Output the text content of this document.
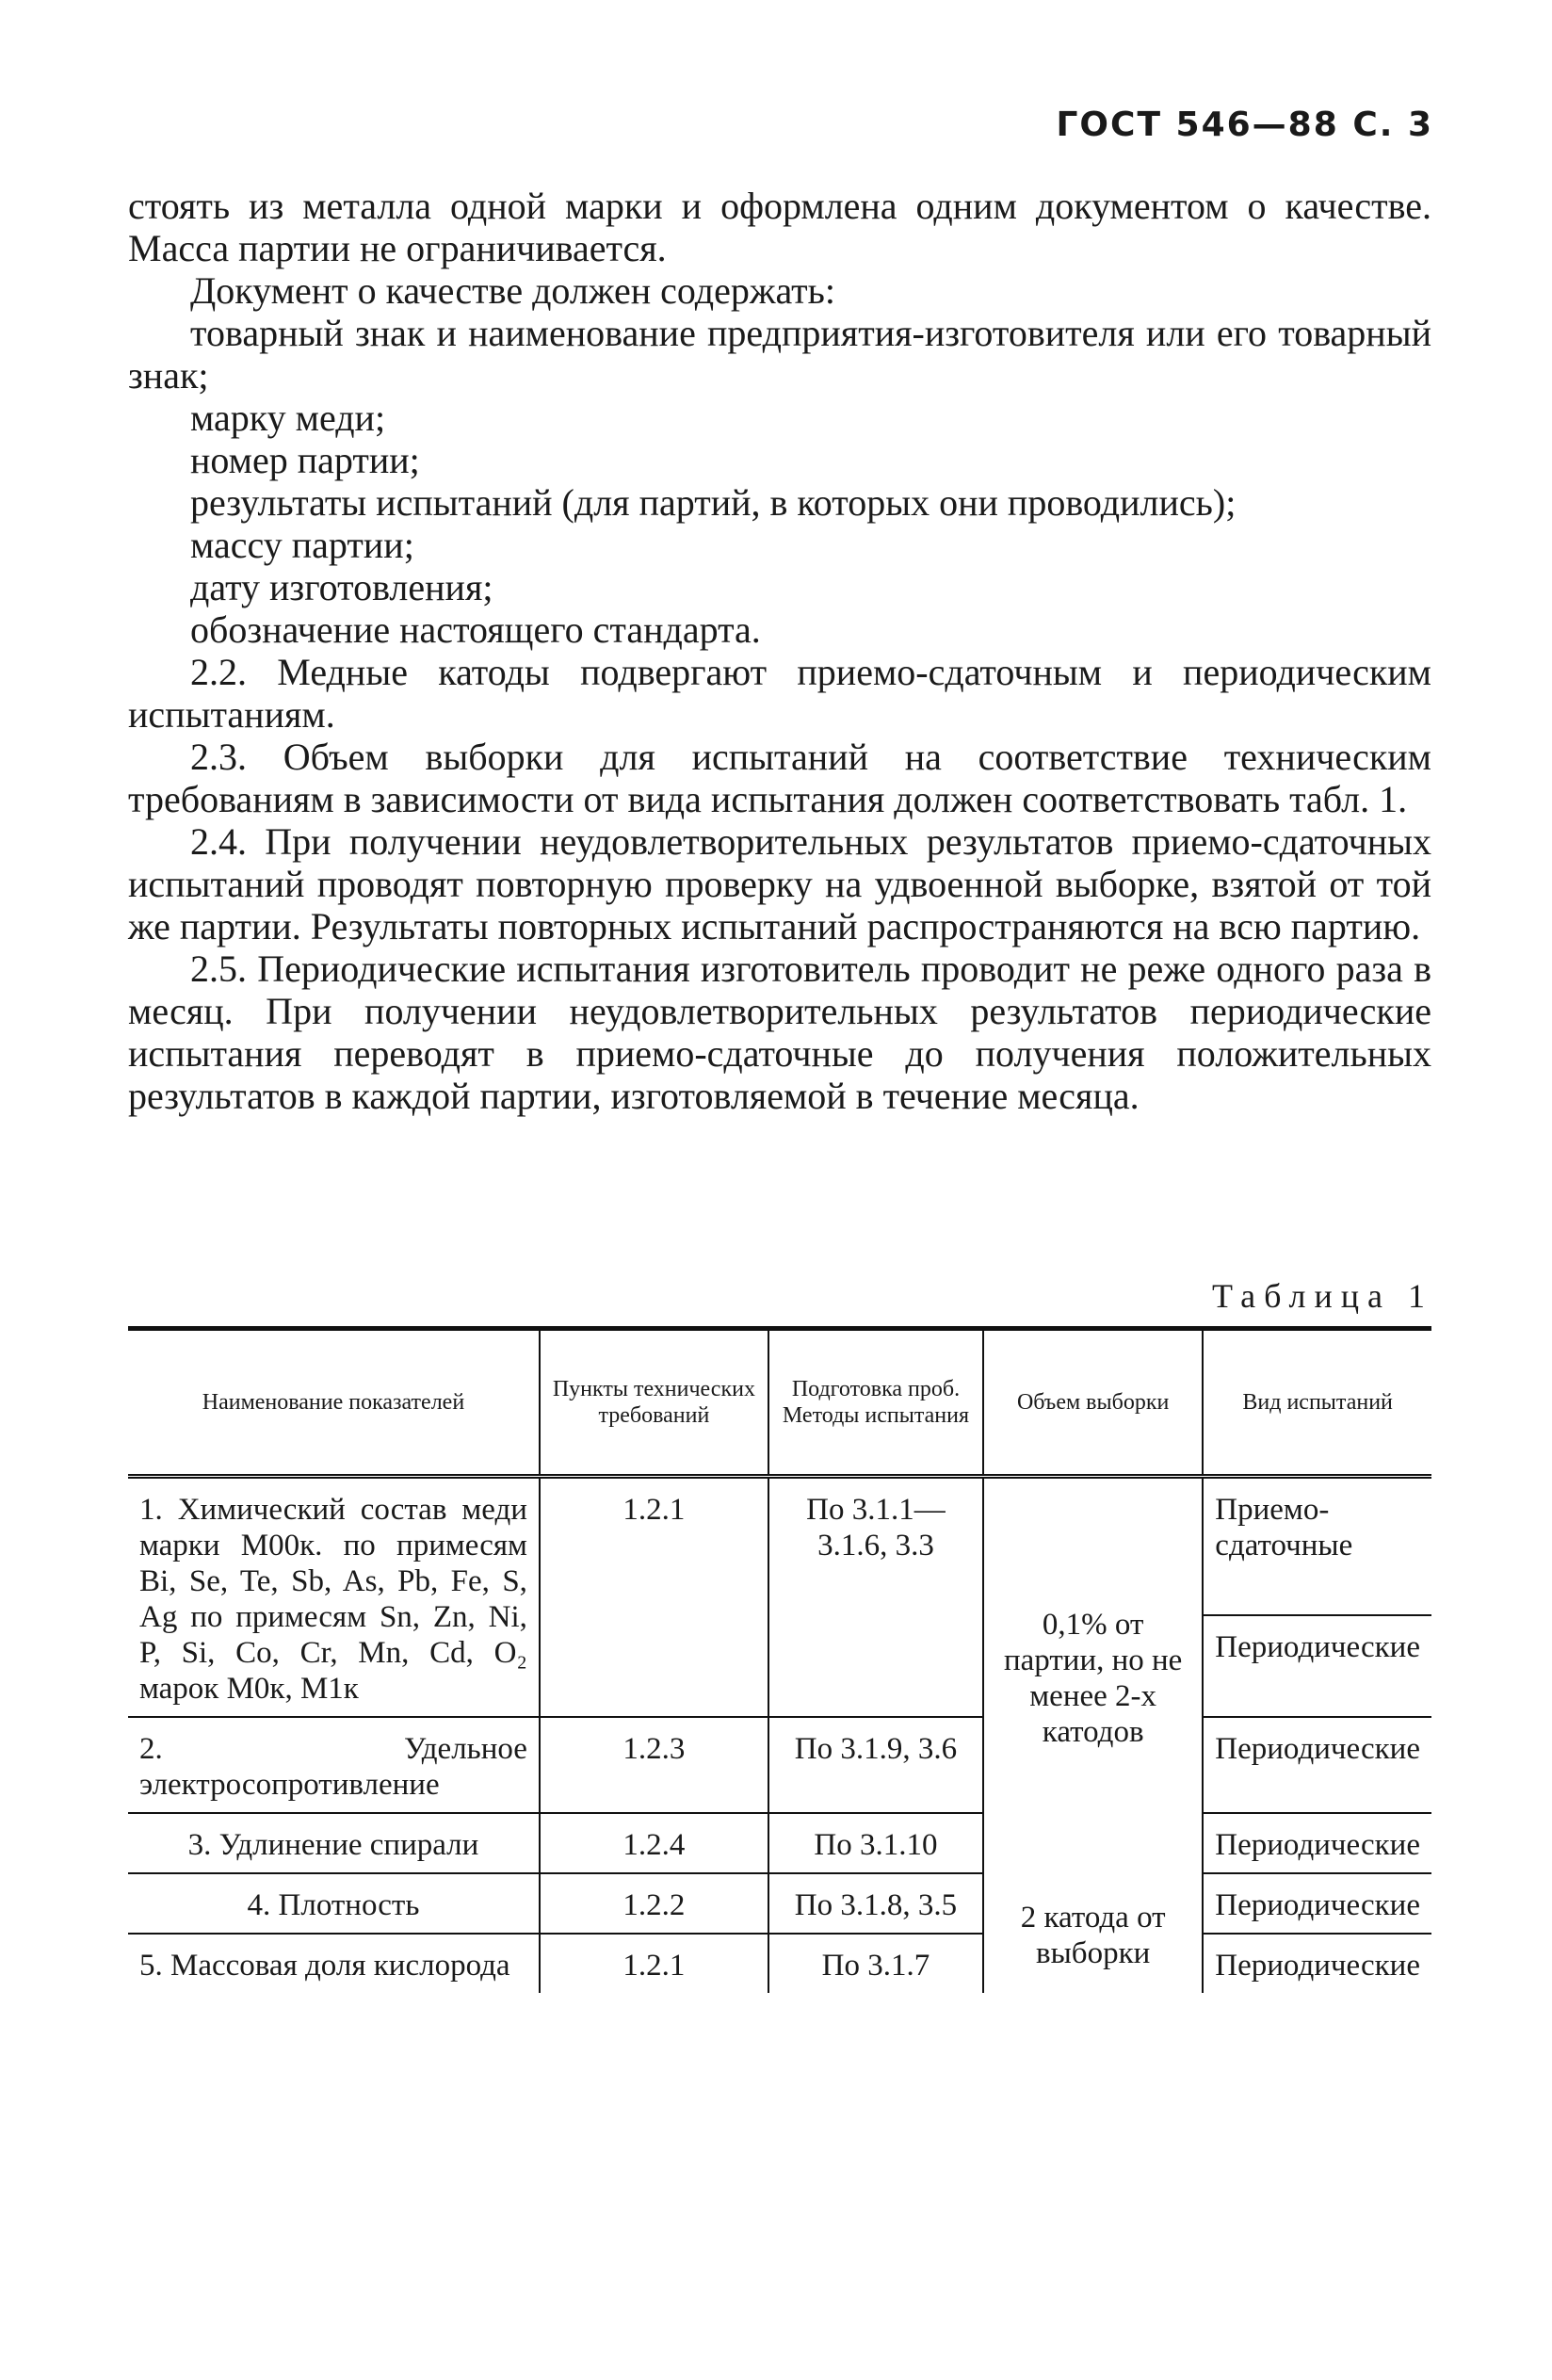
ГОСТ 546—88 С. 3

стоять из металла одной марки и оформлена одним документом о качестве. Масса партии не ограничивается.

Документ о качестве должен содержать:

товарный знак и наименование предприятия-изготовителя или его товарный знак;

марку меди;

номер партии;

результаты испытаний (для партий, в которых они проводились);

массу партии;

дату изготовления;

обозначение настоящего стандарта.

2.2. Медные катоды подвергают приемо-сдаточным и периодическим испытаниям.

2.3. Объем выборки для испытаний на соответствие техническим требованиям в зависимости от вида испытания должен соответствовать табл. 1.

2.4. При получении неудовлетворительных результатов приемо-сдаточных испытаний проводят повторную проверку на удвоенной выборке, взятой от той же партии. Результаты повторных испытаний распространяются на всю партию.

2.5. Периодические испытания изготовитель проводит не реже одного раза в месяц. При получении неудовлетворительных результатов периодические испытания переводят в приемо-сдаточные до получения положительных результатов в каждой партии, изготовляемой в течение месяца.

Таблица 1
Наименование показателей	Пункты технических требований	Подготовка проб. Методы испытания	Объем выборки	Вид испытаний
1. Химический состав меди марки М00к. по примесям Bi, Se, Te, Sb, As, Pb, Fe, S, Ag по примесям Sn, Zn, Ni, P, Si, Co, Cr, Mn, Cd, O₂ марок М0к, М1к	1.2.1	По 3.1.1— 3.1.6, 3.3	0,1% от партии, но не менее 2-х катодов	Приемо-сдаточные
				Периодические
2. Удельное электросопротивление	1.2.3	По 3.1.9, 3.6		Периодические
3. Удлинение спирали	1.2.4	По 3.1.10		Периодические
4. Плотность	1.2.2	По 3.1.8, 3.5	2 катода от выборки	Периодические
5. Массовая доля кислорода	1.2.1	По 3.1.7		Периодические
